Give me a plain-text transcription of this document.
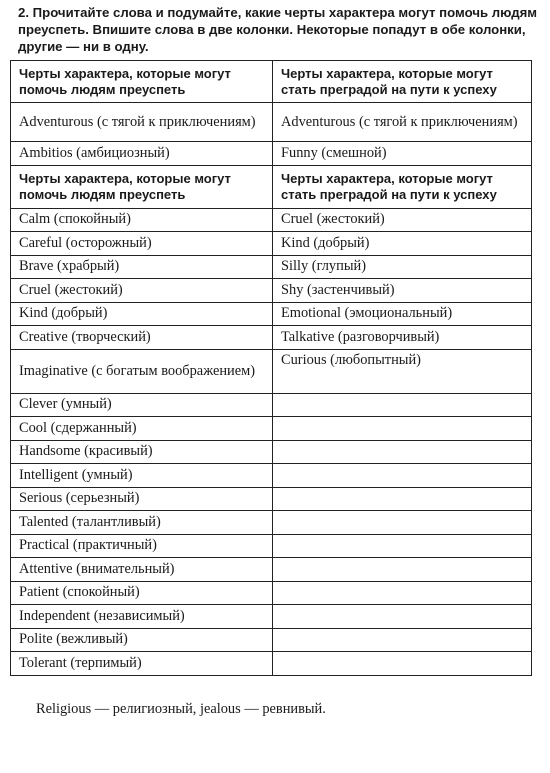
2. Прочитайте слова и подумайте, какие черты характера могут помочь людям преуспеть. Впишите слова в две колонки. Некоторые попадут в обе колонки, другие — ни в одну.
Черты характера, которые могут помочь людям преуспеть	Черты характера, которые могут стать преградой на пути к успеху
Adventurous (с тягой к приключениям)	Adventurous (с тягой к приключениям)
Ambitios (амбициозный)	Funny (смешной)
Черты характера, которые могут помочь людям преуспеть	Черты характера, которые могут стать преградой на пути к успеху
Calm (спокойный)	Cruel (жестокий)
Careful (осторожный)	Kind (добрый)
Brave (храбрый)	Silly (глупый)
Cruel (жестокий)	Shy (застенчивый)
Kind (добрый)	Emotional (эмоциональный)
Creative (творческий)	Talkative (разговорчивый)
Imaginative (с богатым воображением)	Curious (любопытный)
Clever (умный)	
Cool (сдержанный)	
Handsome (красивый)	
Intelligent (умный)	
Serious (серьезный)	
Talented (талантливый)	
Practical (практичный)	
Attentive (внимательный)	
Patient (спокойный)	
Independent (независимый)	
Polite (вежливый)	
Tolerant (терпимый)	
Religious — религиозный, jealous — ревнивый.
